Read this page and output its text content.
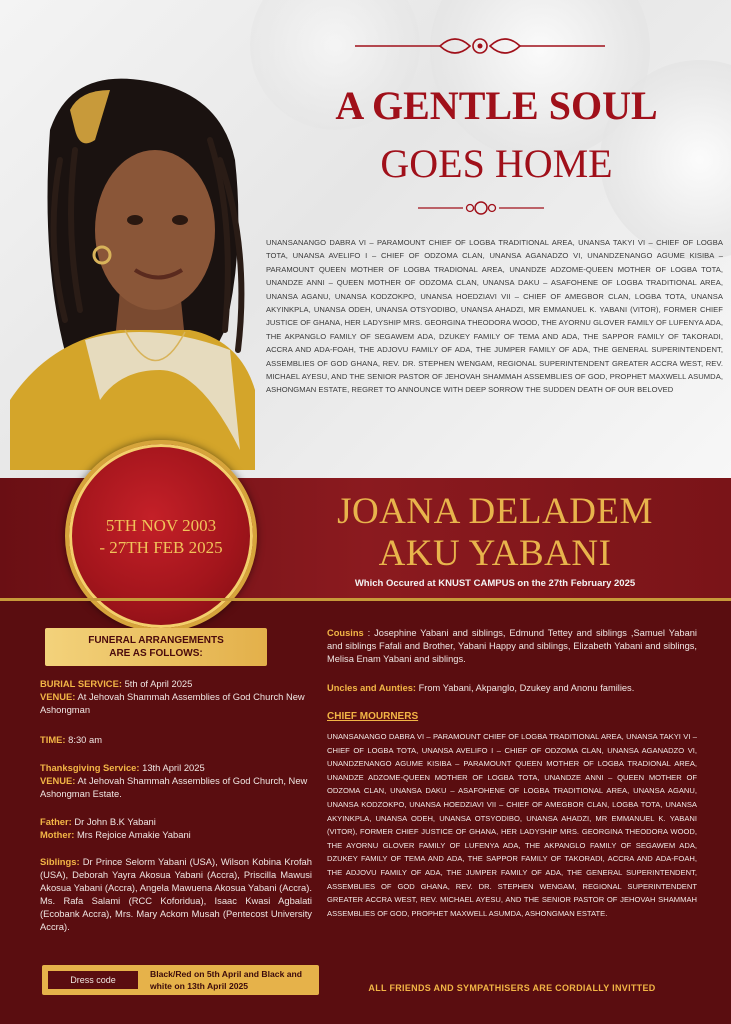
A GENTLE SOUL
GOES HOME
UNANSANANGO DABRA VI – PARAMOUNT CHIEF OF LOGBA TRADITIONAL AREA, UNANSA TAKYI VI – CHIEF OF LOGBA TOTA, UNANSA AVELIFO I – CHIEF OF ODZOMA CLAN, UNANSA AGANADZO VI, UNANDZENANGO AGUME KISIBA – PARAMOUNT QUEEN MOTHER OF LOGBA TRADIONAL AREA, UNANDZE ADZOME-QUEEN MOTHER OF LOGBA TOTA, UNANDZE ANNI – QUEEN MOTHER OF ODZOMA CLAN, UNANSA DAKU – ASAFOHENE OF LOGBA TRADITIONAL AREA, UNANSA AGANU, UNANSA KODZOKPO, UNANSA HOEDZIAVI VII – CHIEF OF AMEGBOR CLAN, LOGBA TOTA, UNANSA AKYINKPLA, UNANSA ODEH, UNANSA OTSYODIBO, UNANSA AHADZI, MR EMMANUEL K. YABANI (VITOR), FORMER CHIEF JUSTICE OF GHANA, HER LADYSHIP MRS. GEORGINA THEODORA WOOD, THE AYORNU GLOVER FAMILY OF LUFENYA ADA, THE AKPANGLO FAMILY OF SEGAWEM ADA, DZUKEY FAMILY OF TEMA AND ADA, THE SAPPOR FAMILY OF TAKORADI, ACCRA AND ADA-FOAH, THE ADJOVU FAMILY OF ADA, THE JUMPER FAMILY OF ADA, THE GENERAL SUPERINTENDENT, ASSEMBLIES OF GOD GHANA, REV. DR. STEPHEN WENGAM, REGIONAL SUPERINTENDENT GREATER ACCRA WEST, REV. MICHAEL AYESU, AND THE SENIOR PASTOR OF JEHOVAH SHAMMAH ASSEMBLIES OF GOD, PROPHET MAXWELL ASUMDA, ASHONGMAN ESTATE, REGRET TO ANNOUNCE WITH DEEP SORROW THE SUDDEN DEATH OF OUR BELOVED
5TH NOV 2003
- 27TH FEB 2025
JOANA DELADEM
AKU YABANI
Which Occured at KNUST CAMPUS on the 27th February 2025
FUNERAL ARRANGEMENTS
ARE AS FOLLOWS:
BURIAL SERVICE: 5th of April 2025
VENUE: At Jehovah Shammah Assemblies of God Church New Ashongman
TIME: 8:30 am
Thanksgiving Service: 13th April 2025
VENUE: At Jehovah Shammah Assemblies of God Church, New Ashongman Estate.
Father: Dr John B.K Yabani
Mother: Mrs Rejoice Amakie Yabani
Siblings: Dr Prince Selorm Yabani (USA), Wilson Kobina Krofah (USA), Deborah Yayra Akosua Yabani (Accra), Priscilla Mawusi Akosua Yabani (Accra), Angela Mawuena Akosua Yabani (Accra). Ms. Rafa Salami (RCC Koforidua), Isaac Kwasi Agbalati (Ecobank Accra), Mrs. Mary Ackom Musah (Pentecost University Accra).
Dress code
Black/Red on 5th April and Black and white on 13th April 2025
Cousins : Josephine Yabani and siblings, Edmund Tettey and siblings ,Samuel Yabani and siblings Fafali and Brother, Yabani Happy and siblings, Elizabeth Yabani and siblings, Melisa Enam Yabani and siblings.
Uncles and Aunties: From Yabani, Akpanglo, Dzukey and Anonu families.
CHIEF MOURNERS
UNANSANANGO DABRA VI – PARAMOUNT CHIEF OF LOGBA TRADITIONAL AREA, UNANSA TAKYI VI – CHIEF OF LOGBA TOTA, UNANSA AVELIFO I – CHIEF OF ODZOMA CLAN, UNANSA AGANADZO VI, UNANDZENANGO AGUME KISIBA – PARAMOUNT QUEEN MOTHER OF LOGBA TRADIONAL AREA, UNANDZE ADZOME-QUEEN MOTHER OF LOGBA TOTA, UNANDZE ANNI – QUEEN MOTHER OF ODZOMA CLAN, UNANSA DAKU – ASAFOHENE OF LOGBA TRADITIONAL AREA, UNANSA AGANU, UNANSA KODZOKPO, UNANSA HOEDZIAVI VII – CHIEF OF AMEGBOR CLAN, LOGBA TOTA, UNANSA AKYINKPLA, UNANSA ODEH, UNANSA OTSYODIBO, UNANSA AHADZI, MR EMMANUEL K. YABANI (VITOR), FORMER CHIEF JUSTICE OF GHANA, HER LADYSHIP MRS. GEORGINA THEODORA WOOD, THE AYORNU GLOVER FAMILY OF LUFENYA ADA, THE AKPANGLO FAMILY OF SEGAWEM ADA, DZUKEY FAMILY OF TEMA AND ADA, THE SAPPOR FAMILY OF TAKORADI, ACCRA AND ADA-FOAH, THE ADJOVU FAMILY OF ADA, THE JUMPER FAMILY OF ADA, THE GENERAL SUPERINTENDENT, ASSEMBLIES OF GOD GHANA, REV. DR. STEPHEN WENGAM, REGIONAL SUPERINTENDENT GREATER ACCRA WEST, REV. MICHAEL AYESU, AND THE SENIOR PASTOR OF JEHOVAH SHAMMAH ASSEMBLIES OF GOD, PROPHET MAXWELL ASUMDA, ASHONGMAN ESTATE.
ALL FRIENDS AND SYMPATHISERS ARE CORDIALLY INVITTED
